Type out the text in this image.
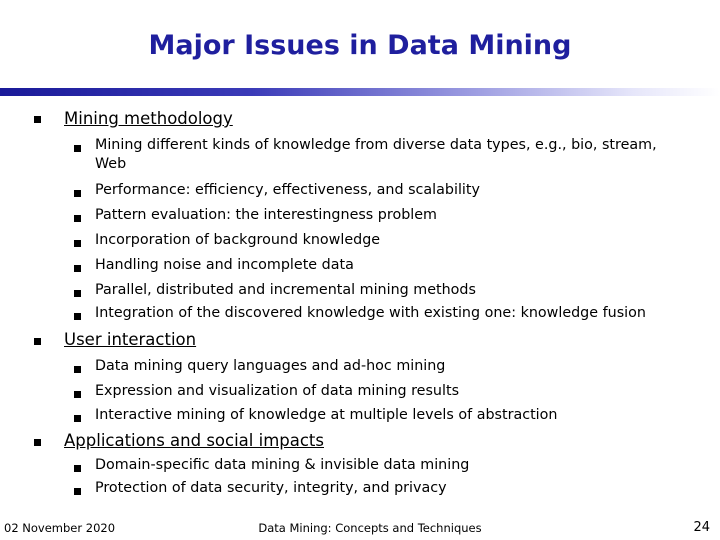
Major Issues in Data Mining
Mining methodology
Mining different kinds of knowledge from diverse data types, e.g., bio, stream,
Web
Performance: efficiency, effectiveness, and scalability
Pattern evaluation: the interestingness problem
Incorporation of background knowledge
Handling noise and incomplete data
Parallel, distributed and incremental mining methods
Integration of the discovered knowledge with existing one: knowledge fusion
User interaction
Data mining query languages and ad-hoc mining
Expression and visualization of data mining results
Interactive mining of knowledge at multiple levels of abstraction
Applications and social impacts
Domain-specific data mining & invisible data mining
Protection of data security, integrity, and privacy
02 November 2020	Data Mining: Concepts and Techniques	24
